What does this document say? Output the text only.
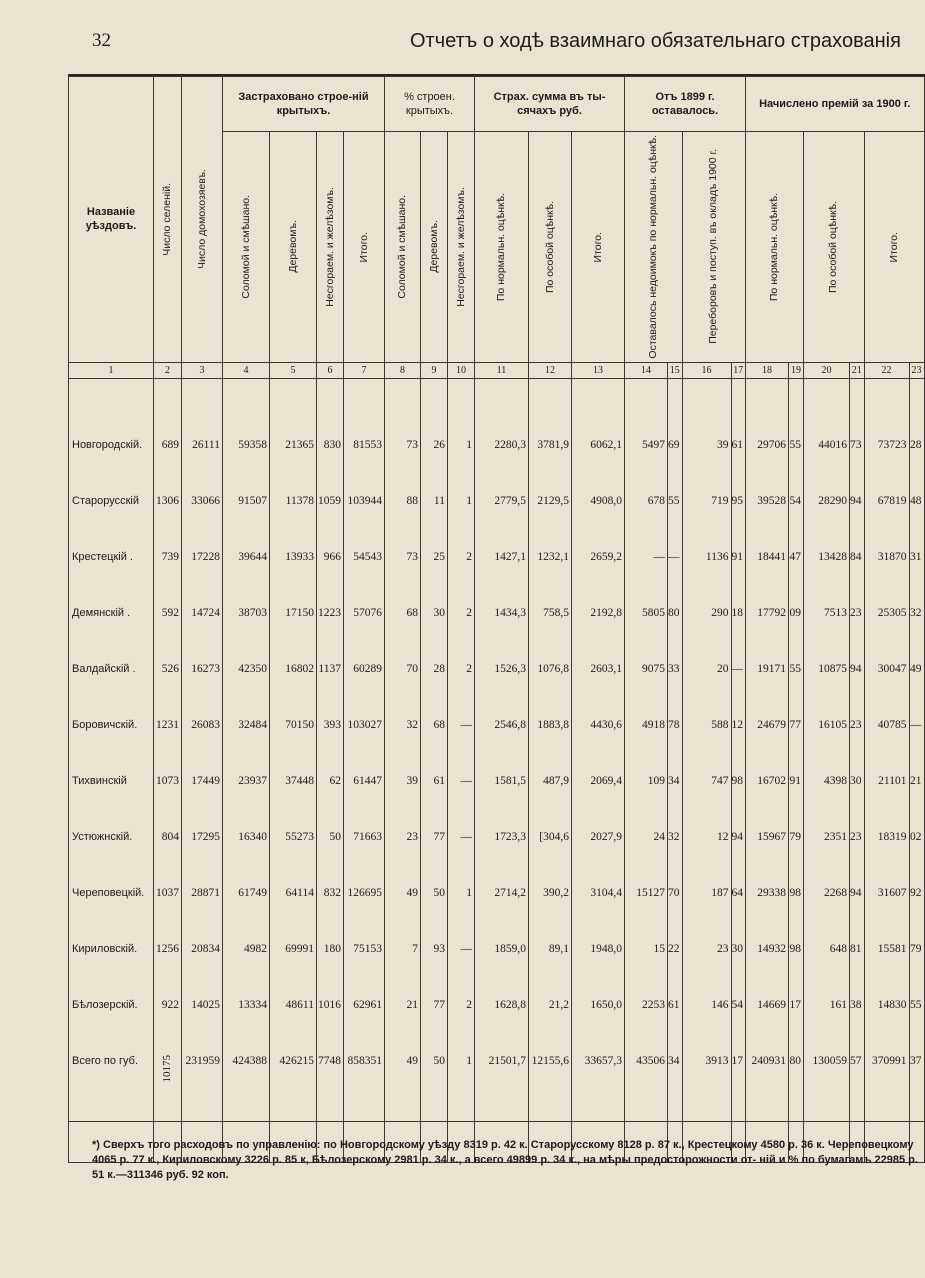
32	Отчетъ о ходѣ взаимнаго обязательнаго страхованія
Названіе уѣздовъ.	Число селеній.	Число домохозяевъ.	Застраховано строе-ній крытыхъ.				% строен. крытыхъ.			Страх. сумма въ ты-сячахъ руб.			Отъ 1899 г. оставалось.				Начислено премій за 1900 г.					

			Соломой и смѣшано.	Деревомъ.	Несгораем. и желѣзомъ.	Итого.	Соломой и смѣшано.	Деревомъ.	Несгораем. и желѣзомъ.	По нормальн. оцѣнкѣ.	По особой оцѣнкѣ.	Итого.	Оставалось недоимокъ по нормальн. оцѣнкѣ.		Переборовъ и поступ. въ окладъ 1900 г.		По нормальн. оцѣнкѣ.		По особой оцѣнкѣ.		Итого.	

1	2	3	4	5	6	7	8	9	10	11	12	13	14	15	16	17	18	19	20	21	22	23

Новгородскій.	689	26111	59358	21365	830	81553	73	26	1	2280,3	3781,9	6062,1	5497	69	39	61	29706	55	44016	73	73723	28
Старорусскій	1306	33066	91507	11378	1059	103944	88	11	1	2779,5	2129,5	4908,0	678	55	719	95	39528	54	28290	94	67819	48
Крестецкій .	739	17228	39644	13933	966	54543	73	25	2	1427,1	1232,1	2659,2	—	—	1136	91	18441	47	13428	84	31870	31
Демянскій .	592	14724	38703	17150	1223	57076	68	30	2	1434,3	758,5	2192,8	5805	80	290	18	17792	09	7513	23	25305	32
Валдайскій .	526	16273	42350	16802	1137	60289	70	28	2	1526,3	1076,8	2603,1	9075	33	20	—	19171	55	10875	94	30047	49
Боровичскій.	1231	26083	32484	70150	393	103027	32	68	—	2546,8	1883,8	4430,6	4918	78	588	12	24679	77	16105	23	40785	—
Тихвинскій	1073	17449	23937	37448	62	61447	39	61	—	1581,5	487,9	2069,4	109	34	747	98	16702	91	4398	30	21101	21
Устюжнскій.	804	17295	16340	55273	50	71663	23	77	—	1723,3	[304,6	2027,9	24	32	12	94	15967	79	2351	23	18319	02
Череповецкій.	1037	28871	61749	64114	832	126695	49	50	1	2714,2	390,2	3104,4	15127	70	187	64	29338	98	2268	94	31607	92
Кириловскій.	1256	20834	4982	69991	180	75153	7	93	—	1859,0	89,1	1948,0	15	22	23	30	14932	98	648	81	15581	79
Бѣлозерскій.	922	14025	13334	48611	1016	62961	21	77	2	1628,8	21,2	1650,0	2253	61	146	54	14669	17	161	38	14830	55
Всего по губ.	10175	231959	424388	426215	7748	858351	49	50	1	21501,7	12155,6	33657,3	43506	34	3913	17	240931	80	130059	57	370991	37

*) Сверхъ того расходовъ по управленію: по Новгородскому уѣзду 8319 р. 42 к. Старорусскому 8128 р. 87 к., Крестецкому 4580 р. 36 к. Череповецкому 4065 р. 77 к., Кириловскому 3226 р. 85 к, Бѣлозерскому 2981 р. 34 к., а всего 49899 р. 34 к., на мѣры предосторожности от- ній и % по бумагамъ 22985 р. 51 к.—311346 руб. 92 коп.
